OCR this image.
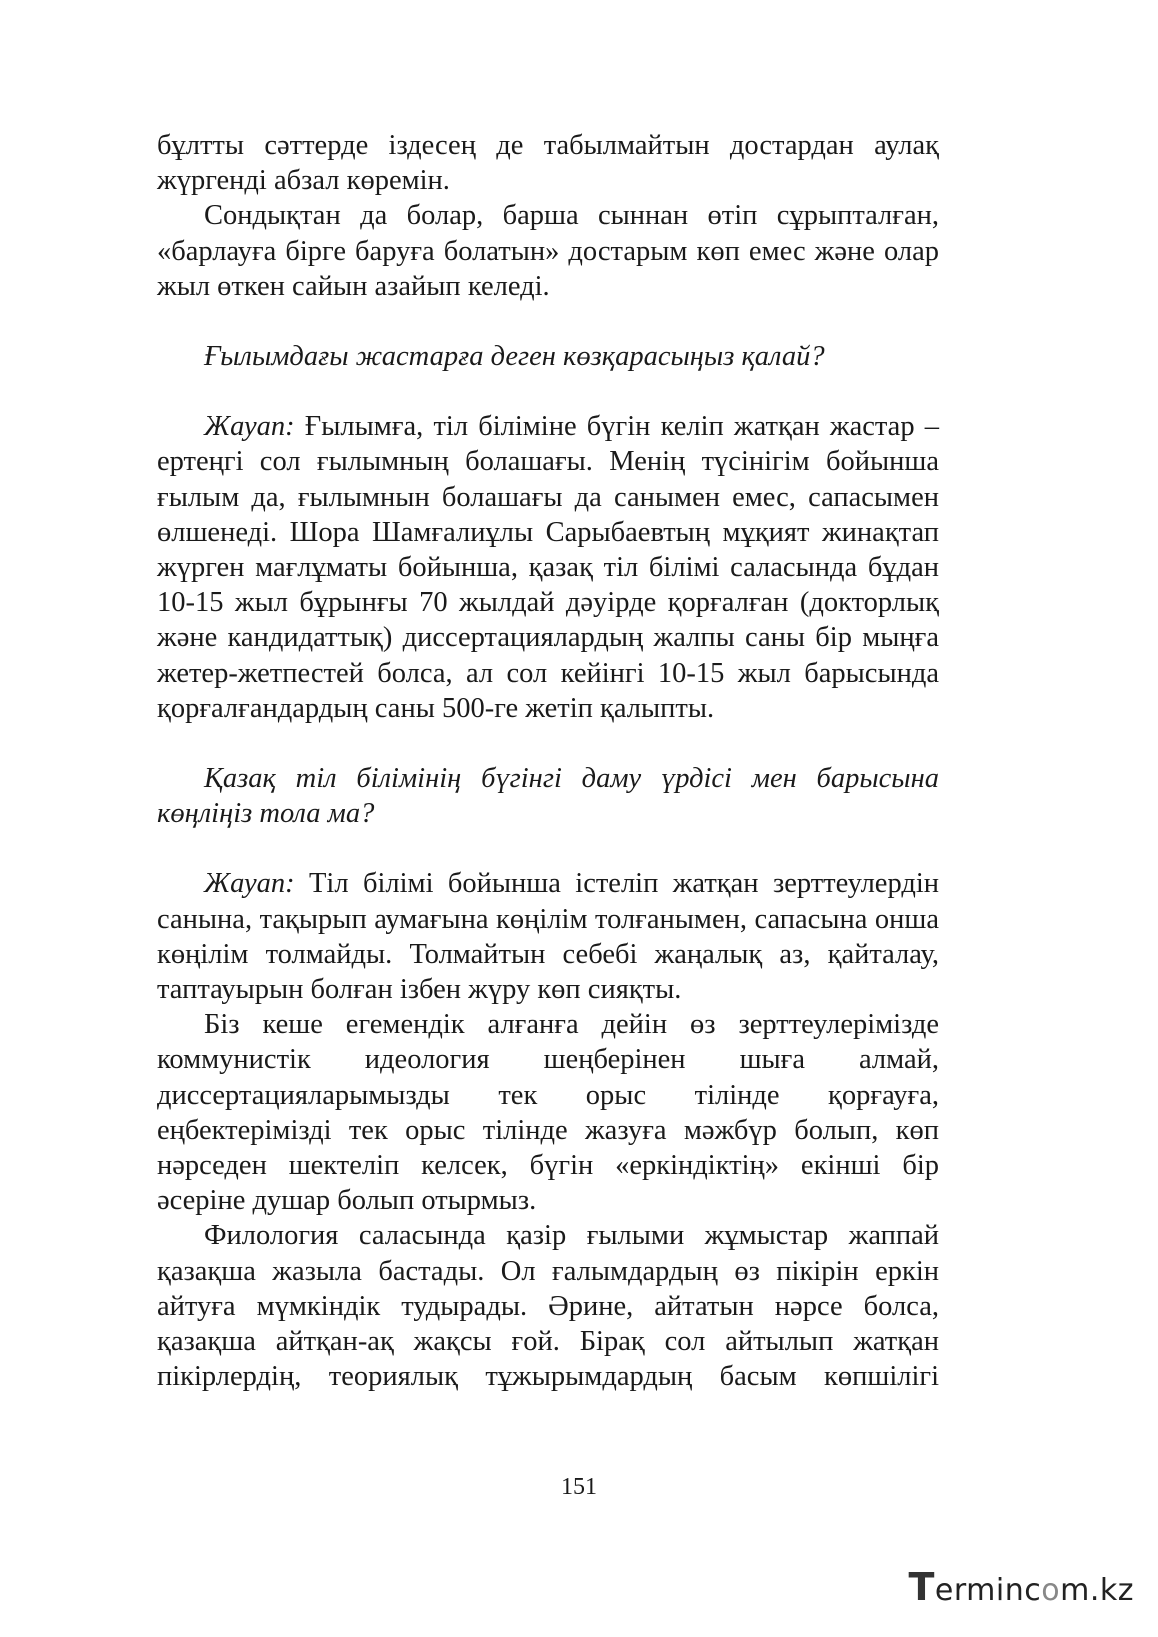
бұлтты сәттерде іздесең де табылмайтын достардан аулақ жүргенді абзал көремін.

Сондықтан да болар, барша сыннан өтіп сұрыпталған, «барлауға бірге баруға болатын» достарым көп емес және олар жыл өткен сайын азайып келеді.

Ғылымдағы жастарға деген көзқарасыңыз қалай?

Жауап: Ғылымға, тіл біліміне бүгін келіп жатқан жастар – ертеңгі сол ғылымның болашағы. Менің түсінігім бойынша ғылым да, ғылымнын болашағы да санымен емес, сапасымен өлшенеді. Шора Шамғалиұлы Сарыбаевтың мұқият жинақтап жүрген мағлұматы бойынша, қазақ тіл білімі саласында бұдан 10-15 жыл бұрынғы 70 жылдай дәуірде қорғалған (докторлық және кандидаттық) диссертациялардың жалпы саны бір мыңға жетер-жетпестей болса, ал сол кейінгі 10-15 жыл барысында қорғалғандардың саны 500-ге жетіп қалыпты.

Қазақ тіл білімінің бүгінгі даму үрдісі мен барысына көңліңіз тола ма?

Жауап: Тіл білімі бойынша істеліп жатқан зерттеулердін санына, тақырып аумағына көңілім толғанымен, сапасына онша көңілім толмайды. Толмайтын себебі жаңалық аз, қайталау, таптауырын болған ізбен жүру көп сияқты.

Біз кеше егемендік алғанға дейін өз зерттеулерімізде коммунистік идеология шеңберінен шыға алмай, диссертацияларымызды тек орыс тілінде қорғауға, еңбектерімізді тек орыс тілінде жазуға мәжбүр болып, көп нәрседен шектеліп келсек, бүгін «еркіндіктің» екінші бір әсеріне душар болып отырмыз.

Филология саласында қазір ғылыми жұмыстар жаппай қазақша жазыла бастады. Ол ғалымдардың өз пікірін еркін айтуға мүмкіндік тудырады. Әрине, айтатын нәрсе болса, қазақша айтқан-ақ жақсы ғой. Бірақ сол айтылып жатқан пікірлердің, теориялық тұжырымдардың басым көпшілігі

151
T ermin c o m.kz
